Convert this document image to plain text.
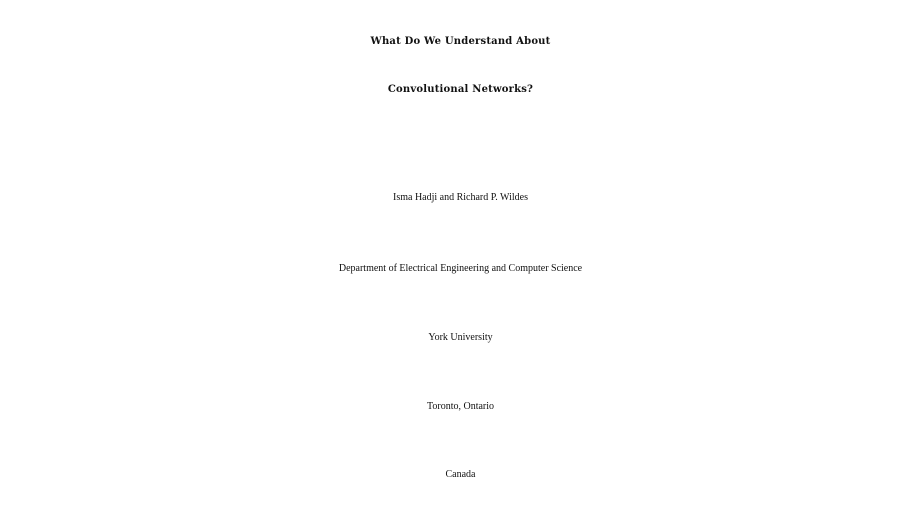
What Do We Understand About
Convolutional Networks?
Isma Hadji and Richard P. Wildes
Department of Electrical Engineering and Computer Science
York University
Toronto, Ontario
Canada
